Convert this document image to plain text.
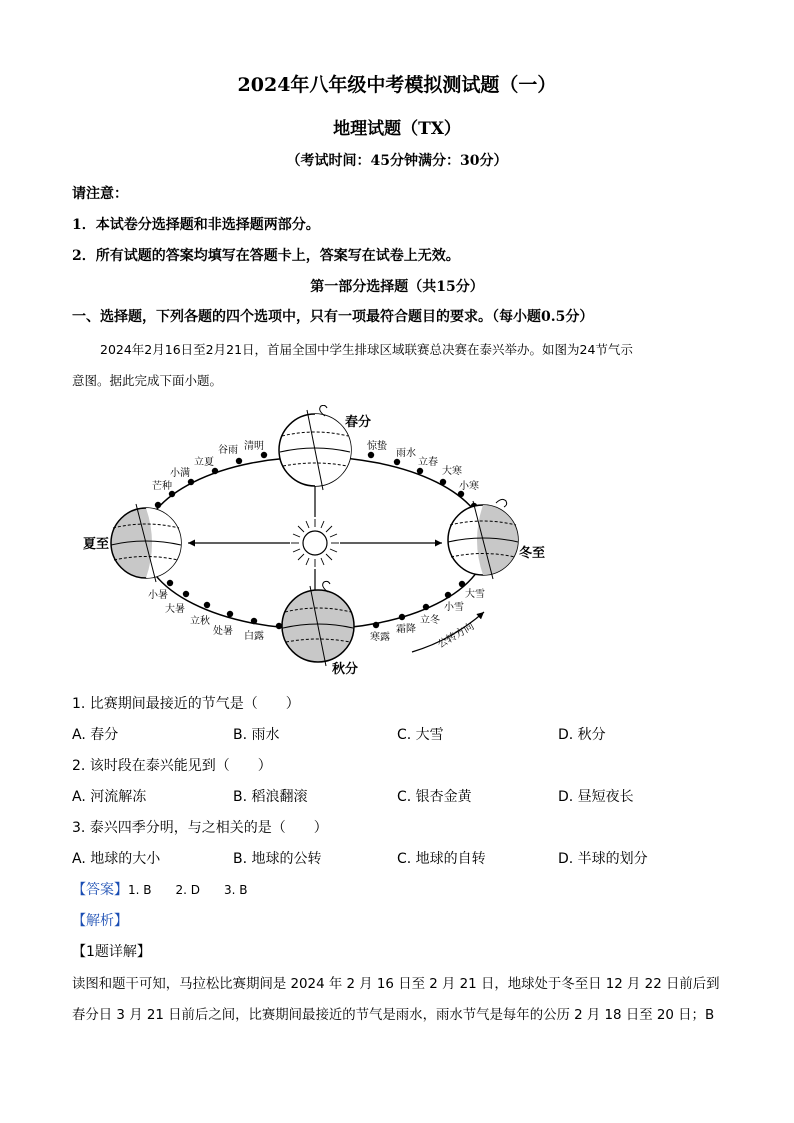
2024年八年级中考模拟测试题（一）
地理试题（TX）
（考试时间：45分钟满分：30分）
请注意：
1．本试卷分选择题和非选择题两部分。
2．所有试题的答案均填写在答题卡上，答案写在试卷上无效。
第一部分选择题（共15分）
一、选择题，下列各题的四个选项中，只有一项最符合题目的要求。（每小题0.5分）
2024年2月16日至2月21日，首届全国中学生排球区域联赛总决赛在泰兴举办。如图为24节气示
意图。据此完成下面小题。
春分
夏至
冬至
秋分
公转方向
谷雨 清明
立夏
小满
芒种
惊蛰
雨水
立春
大寒
小寒
小暑
大暑
立秋
处暑 白露	寒露
霜降
立冬
小雪
大雪
1. 比赛期间最接近的节气是（　　）
A. 春分	B. 雨水	C. 大雪	D. 秋分
2. 该时段在泰兴能见到（　　）
A. 河流解冻	B. 稻浪翻滚	C. 银杏金黄	D. 昼短夜长
3. 泰兴四季分明，与之相关的是（　　）
A. 地球的大小	B. 地球的公转	C. 地球的自转	D. 半球的划分
【答案】1. B　　2. D　　3. B
【解析】
【1题详解】
读图和题干可知，马拉松比赛期间是 2024 年 2 月 16 日至 2 月 21 日，地球处于冬至日 12 月 22 日前后到
春分日 3 月 21 日前后之间，比赛期间最接近的节气是雨水，雨水节气是每年的公历 2 月 18 日至 20 日；B
